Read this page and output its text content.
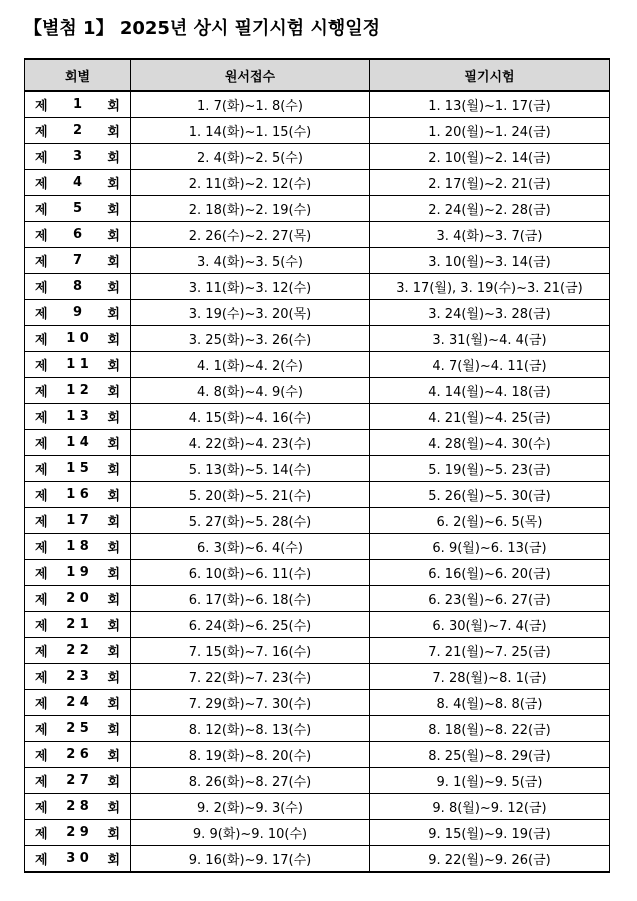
【별첨 1】 2025년 상시 필기시험 시행일정
회별	원서접수	필기시험

제 1 회	1. 7(화)~1. 8(수)	1. 13(월)~1. 17(금)

제 2 회	1. 14(화)~1. 15(수)	1. 20(월)~1. 24(금)

제 3 회	2. 4(화)~2. 5(수)	2. 10(월)~2. 14(금)

제 4 회	2. 11(화)~2. 12(수)	2. 17(월)~2. 21(금)

제 5 회	2. 18(화)~2. 19(수)	2. 24(월)~2. 28(금)

제 6 회	2. 26(수)~2. 27(목)	3. 4(화)~3. 7(금)

제 7 회	3. 4(화)~3. 5(수)	3. 10(월)~3. 14(금)

제 8 회	3. 11(화)~3. 12(수)	3. 17(월), 3. 19(수)~3. 21(금)

제 9 회	3. 19(수)~3. 20(목)	3. 24(월)~3. 28(금)

제 1 0 회	3. 25(화)~3. 26(수)	3. 31(월)~4. 4(금)

제 1 1 회	4. 1(화)~4. 2(수)	4. 7(월)~4. 11(금)

제 1 2 회	4. 8(화)~4. 9(수)	4. 14(월)~4. 18(금)

제 1 3 회	4. 15(화)~4. 16(수)	4. 21(월)~4. 25(금)

제 1 4 회	4. 22(화)~4. 23(수)	4. 28(월)~4. 30(수)

제 1 5 회	5. 13(화)~5. 14(수)	5. 19(월)~5. 23(금)

제 1 6 회	5. 20(화)~5. 21(수)	5. 26(월)~5. 30(금)

제 1 7 회	5. 27(화)~5. 28(수)	6. 2(월)~6. 5(목)

제 1 8 회	6. 3(화)~6. 4(수)	6. 9(월)~6. 13(금)

제 1 9 회	6. 10(화)~6. 11(수)	6. 16(월)~6. 20(금)

제 2 0 회	6. 17(화)~6. 18(수)	6. 23(월)~6. 27(금)

제 2 1 회	6. 24(화)~6. 25(수)	6. 30(월)~7. 4(금)

제 2 2 회	7. 15(화)~7. 16(수)	7. 21(월)~7. 25(금)

제 2 3 회	7. 22(화)~7. 23(수)	7. 28(월)~8. 1(금)

제 2 4 회	7. 29(화)~7. 30(수)	8. 4(월)~8. 8(금)

제 2 5 회	8. 12(화)~8. 13(수)	8. 18(월)~8. 22(금)

제 2 6 회	8. 19(화)~8. 20(수)	8. 25(월)~8. 29(금)

제 2 7 회	8. 26(화)~8. 27(수)	9. 1(월)~9. 5(금)

제 2 8 회	9. 2(화)~9. 3(수)	9. 8(월)~9. 12(금)

제 2 9 회	9. 9(화)~9. 10(수)	9. 15(월)~9. 19(금)

제 3 0 회	9. 16(화)~9. 17(수)	9. 22(월)~9. 26(금)
